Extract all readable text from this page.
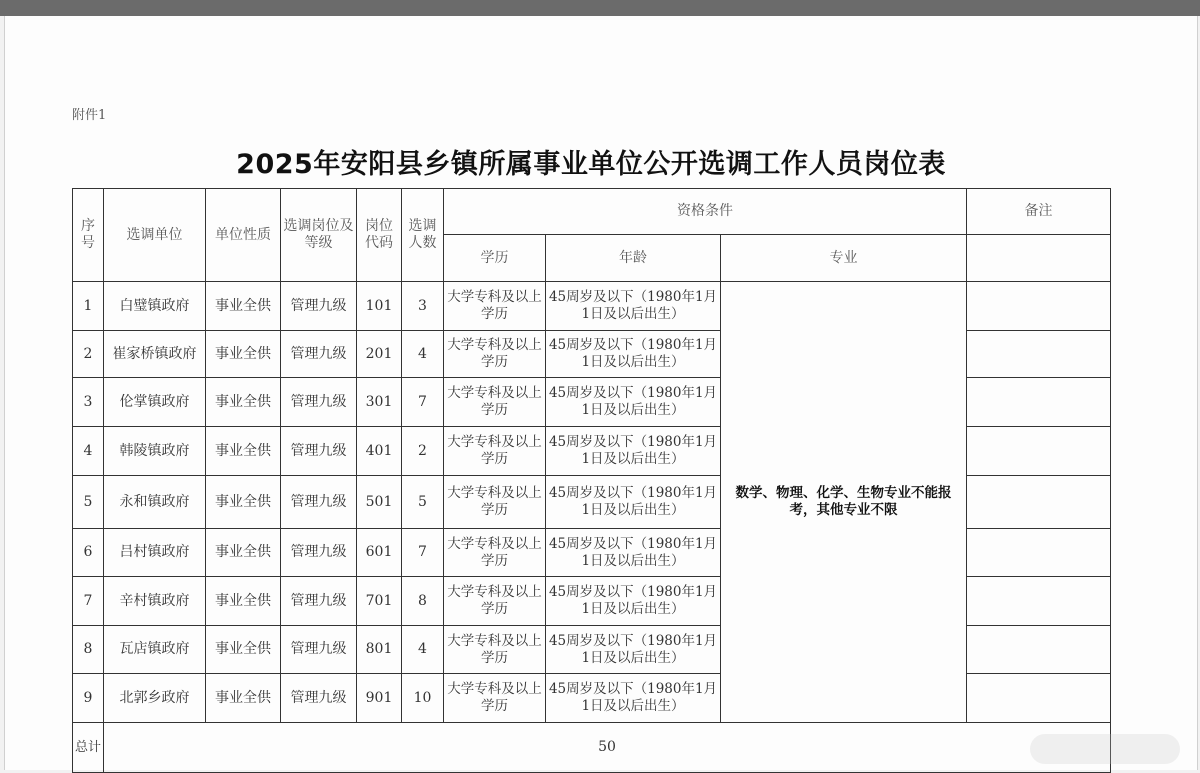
附件1
2025年安阳县乡镇所属事业单位公开选调工作人员岗位表
序号	选调单位	单位性质	选调岗位及等级	岗位代码	选调人数	资格条件			备注
						学历	年龄	专业	
1	白璧镇政府	事业全供	管理九级	101	3	大学专科及以上学历	45周岁及以下（1980年1月1日及以后出生）	数学、物理、化学、生物专业不能报考，其他专业不限	
2	崔家桥镇政府	事业全供	管理九级	201	4	大学专科及以上学历	45周岁及以下（1980年1月1日及以后出生）		
3	伦掌镇政府	事业全供	管理九级	301	7	大学专科及以上学历	45周岁及以下（1980年1月1日及以后出生）		
4	韩陵镇政府	事业全供	管理九级	401	2	大学专科及以上学历	45周岁及以下（1980年1月1日及以后出生）		
5	永和镇政府	事业全供	管理九级	501	5	大学专科及以上学历	45周岁及以下（1980年1月1日及以后出生）		
6	吕村镇政府	事业全供	管理九级	601	7	大学专科及以上学历	45周岁及以下（1980年1月1日及以后出生）		
7	辛村镇政府	事业全供	管理九级	701	8	大学专科及以上学历	45周岁及以下（1980年1月1日及以后出生）		
8	瓦店镇政府	事业全供	管理九级	801	4	大学专科及以上学历	45周岁及以下（1980年1月1日及以后出生）		
9	北郭乡政府	事业全供	管理九级	901	10	大学专科及以上学历	45周岁及以下（1980年1月1日及以后出生）		
总计	50								
